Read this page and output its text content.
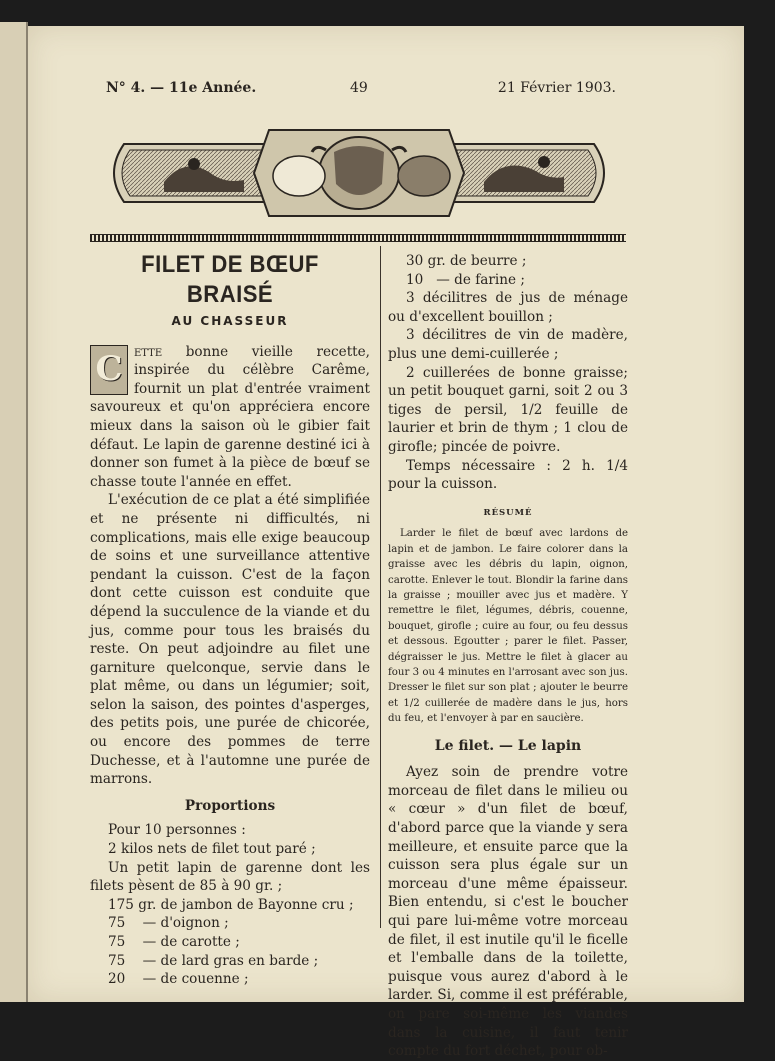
N° 4. — 11e Année.	49	21 Février 1903.
FILET DE BŒUF BRAISÉ
AU CHASSEUR

C ette bonne vieille recette, inspirée du célèbre Carême, fournit un plat d'entrée vraiment savoureux et qu'on appréciera encore mieux dans la saison où le gibier fait défaut. Le lapin de garenne destiné ici à donner son fumet à la pièce de bœuf se chasse toute l'année en effet.

L'exécution de ce plat a été simplifiée et ne présente ni difficultés, ni complications, mais elle exige beaucoup de soins et une surveillance attentive pendant la cuisson. C'est de la façon dont cette cuisson est conduite que dépend la succulence de la viande et du jus, comme pour tous les braisés du reste. On peut adjoindre au filet une garniture quelconque, servie dans le plat même, ou dans un légumier; soit, selon la saison, des pointes d'asperges, des petits pois, une purée de chicorée, ou encore des pommes de terre Duchesse, et à l'automne une purée de marrons.

Proportions

Pour 10 personnes :

2 kilos nets de filet tout paré ;

Un petit lapin de garenne dont les filets pèsent de 85 à 90 gr. ;

175 gr. de jambon de Bayonne cru ;

75    — d'oignon ;

75    — de carotte ;

75    — de lard gras en barde ;

20    — de couenne ;

30 gr. de beurre ;

10   — de farine ;

3 décilitres de jus de ménage ou d'excellent bouillon ;

3 décilitres de vin de madère, plus une demi-cuillerée ;

2 cuillerées de bonne graisse; un petit bouquet garni, soit 2 ou 3 tiges de persil, 1/2 feuille de laurier et brin de thym ; 1 clou de girofle; pincée de poivre.

Temps nécessaire : 2 h. 1/4 pour la cuisson.

RÉSUMÉ

Larder le filet de bœuf avec lardons de lapin et de jambon. Le faire colorer dans la graisse avec les débris du lapin, oignon, carotte. Enlever le tout. Blondir la farine dans la graisse ; mouiller avec jus et madère. Y remettre le filet, légumes, débris, couenne, bouquet, girofle ; cuire au four, ou feu dessus et dessous. Egoutter ; parer le filet. Passer, dégraisser le jus. Mettre le filet à glacer au four 3 ou 4 minutes en l'arrosant avec son jus. Dresser le filet sur son plat ; ajouter le beurre et 1/2 cuillerée de madère dans le jus, hors du feu, et l'envoyer à par en saucière.

Le filet. — Le lapin

Ayez soin de prendre votre morceau de filet dans le milieu ou « cœur » d'un filet de bœuf, d'abord parce que la viande y sera meilleure, et ensuite parce que la cuisson sera plus égale sur un morceau d'une même épaisseur. Bien entendu, si c'est le boucher qui pare lui-même votre morceau de filet, il est inutile qu'il le ficelle et l'emballe dans de la toilette, puisque vous aurez d'abord à le larder. Si, comme il est préférable, on pare soi-même les viandes dans la cuisine, il faut tenir compte du fort déchet, pour ob-
